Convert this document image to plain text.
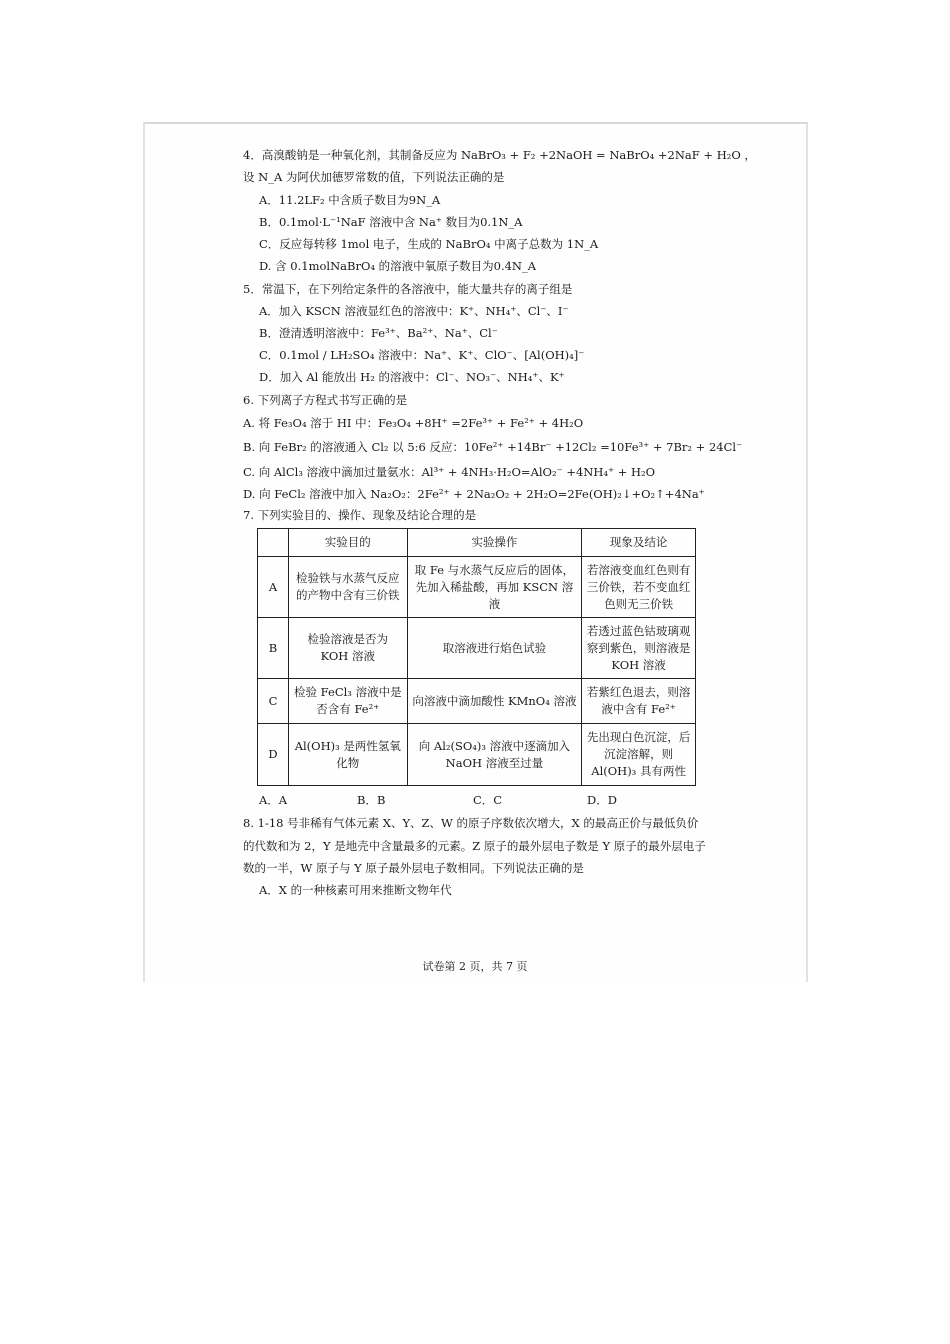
4．高溴酸钠是一种氧化剂，其制备反应为 NaBrO₃ + F₂ +2NaOH = NaBrO₄ +2NaF + H₂O ，
设 N_A 为阿伏加德罗常数的值，下列说法正确的是
A．11.2LF₂ 中含质子数目为9N_A
B．0.1mol·L⁻¹NaF 溶液中含 Na⁺ 数目为0.1N_A
C．反应每转移 1mol 电子，生成的 NaBrO₄ 中离子总数为 1N_A
D. 含 0.1molNaBrO₄ 的溶液中氧原子数目为0.4N_A
5．常温下，在下列给定条件的各溶液中，能大量共存的离子组是
A．加入 KSCN 溶液显红色的溶液中：K⁺、NH₄⁺、Cl⁻、I⁻
B．澄清透明溶液中：Fe³⁺、Ba²⁺、Na⁺、Cl⁻
C．0.1mol / LH₂SO₄ 溶液中：Na⁺、K⁺、ClO⁻、[Al(OH)₄]⁻
D．加入 Al 能放出 H₂ 的溶液中：Cl⁻、NO₃⁻、NH₄⁺、K⁺
6. 下列离子方程式书写正确的是
A. 将 Fe₃O₄ 溶于 HI 中：Fe₃O₄ +8H⁺ =2Fe³⁺ + Fe²⁺ + 4H₂O
B. 向 FeBr₂ 的溶液通入 Cl₂ 以 5:6 反应：10Fe²⁺ +14Br⁻ +12Cl₂ =10Fe³⁺ + 7Br₂ + 24Cl⁻
C. 向 AlCl₃ 溶液中滴加过量氨水：Al³⁺ + 4NH₃·H₂O=AlO₂⁻ +4NH₄⁺ + H₂O
D. 向 FeCl₂ 溶液中加入 Na₂O₂：2Fe²⁺ + 2Na₂O₂ + 2H₂O=2Fe(OH)₂↓+O₂↑+4Na⁺
7. 下列实验目的、操作、现象及结论合理的是
	实验目的	实验操作	现象及结论
A	检验铁与水蒸气反应的产物中含有三价铁	取 Fe 与水蒸气反应后的固体，先加入稀盐酸，再加 KSCN 溶液	若溶液变血红色则有三价铁，若不变血红色则无三价铁
B	检验溶液是否为 KOH 溶液	取溶液进行焰色试验	若透过蓝色钴玻璃观察到紫色，则溶液是 KOH 溶液
C	检验 FeCl₃ 溶液中是否含有 Fe²⁺	向溶液中滴加酸性 KMnO₄ 溶液	若紫红色退去，则溶液中含有 Fe²⁺
D	Al(OH)₃ 是两性氢氧化物	向 Al₂(SO₄)₃ 溶液中逐滴加入 NaOH 溶液至过量	先出现白色沉淀，后沉淀溶解，则 Al(OH)₃ 具有两性
A．A	B．B	C．C	D．D
8. 1-18 号非稀有气体元素 X、Y、Z、W 的原子序数依次增大，X 的最高正价与最低负价
的代数和为 2，Y 是地壳中含量最多的元素。Z 原子的最外层电子数是 Y 原子的最外层电子
数的一半，W 原子与 Y 原子最外层电子数相同。下列说法正确的是
A．X 的一种核素可用来推断文物年代
试卷第 2 页，共 7 页
